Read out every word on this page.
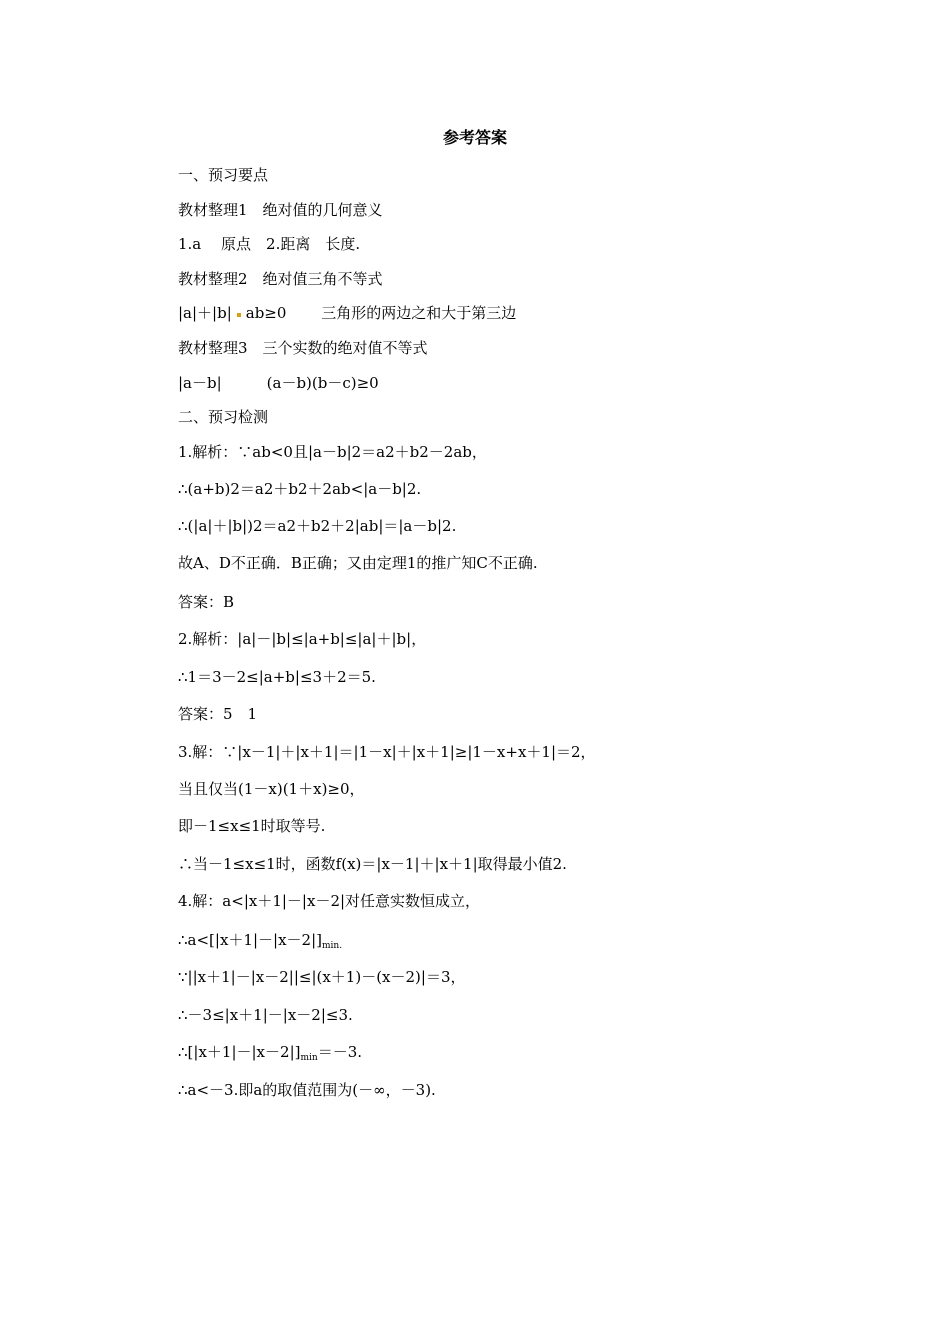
参考答案
一、预习要点
教材整理1　绝对值的几何意义
1.a　 原点　2.距离　长度.
教材整理2　绝对值三角不等式
|a|＋|b| ab≥0　　 三角形的两边之和大于第三边
教材整理3　三个实数的绝对值不等式
|a－b|　　　(a－b)(b－c)≥0
二、预习检测
1.解析：∵ab<0且|a－b|2＝a2＋b2－2ab，
∴(a+b)2＝a2＋b2＋2ab<|a－b|2.
∴(|a|＋|b|)2＝a2＋b2＋2|ab|＝|a－b|2.
故A、D不正确．B正确；又由定理1的推广知C不正确.
答案：B
2.解析：|a|－|b|≤|a+b|≤|a|＋|b|，
∴1＝3－2≤|a+b|≤3＋2＝5.
答案：5　1
3.解：∵|x－1|＋|x＋1|＝|1－x|＋|x＋1|≥|1－x+x＋1|＝2，
当且仅当(1－x)(1＋x)≥0，
即－1≤x≤1时取等号.
∴当－1≤x≤1时，函数f(x)＝|x－1|＋|x＋1|取得最小值2.
4.解：a<|x＋1|－|x－2|对任意实数恒成立，
$\therefore a<[|x+1|-|x-2|]_{min.}$
∵||x＋1|－|x－2||≤|(x＋1)－(x－2)|＝3，
∴－3≤|x＋1|－|x－2|≤3.
$\therefore[|x+1|-|x-2|]_{min}=-3$.
∴a<－3.即a的取值范围为(－∞，－3).
